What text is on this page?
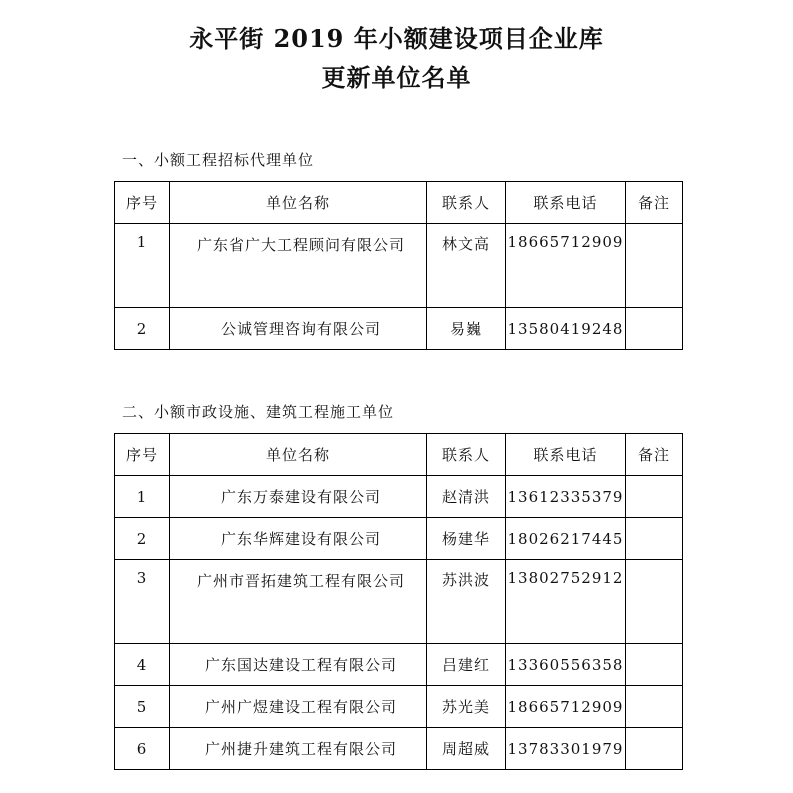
永平街 2019 年小额建设项目企业库
更新单位名单
一、小额工程招标代理单位
序号	单位名称	联系人	联系电话	备注
1	广东省广大工程顾问有限公司	林文高	18665712909	
2	公诚管理咨询有限公司	易巍	13580419248	
二、小额市政设施、建筑工程施工单位
序号	单位名称	联系人	联系电话	备注
1	广东万泰建设有限公司	赵清洪	13612335379	
2	广东华辉建设有限公司	杨建华	18026217445	
3	广州市晋拓建筑工程有限公司	苏洪波	13802752912	
4	广东国达建设工程有限公司	吕建红	13360556358	
5	广州广煜建设工程有限公司	苏光美	18665712909	
6	广州捷升建筑工程有限公司	周超威	13783301979	
